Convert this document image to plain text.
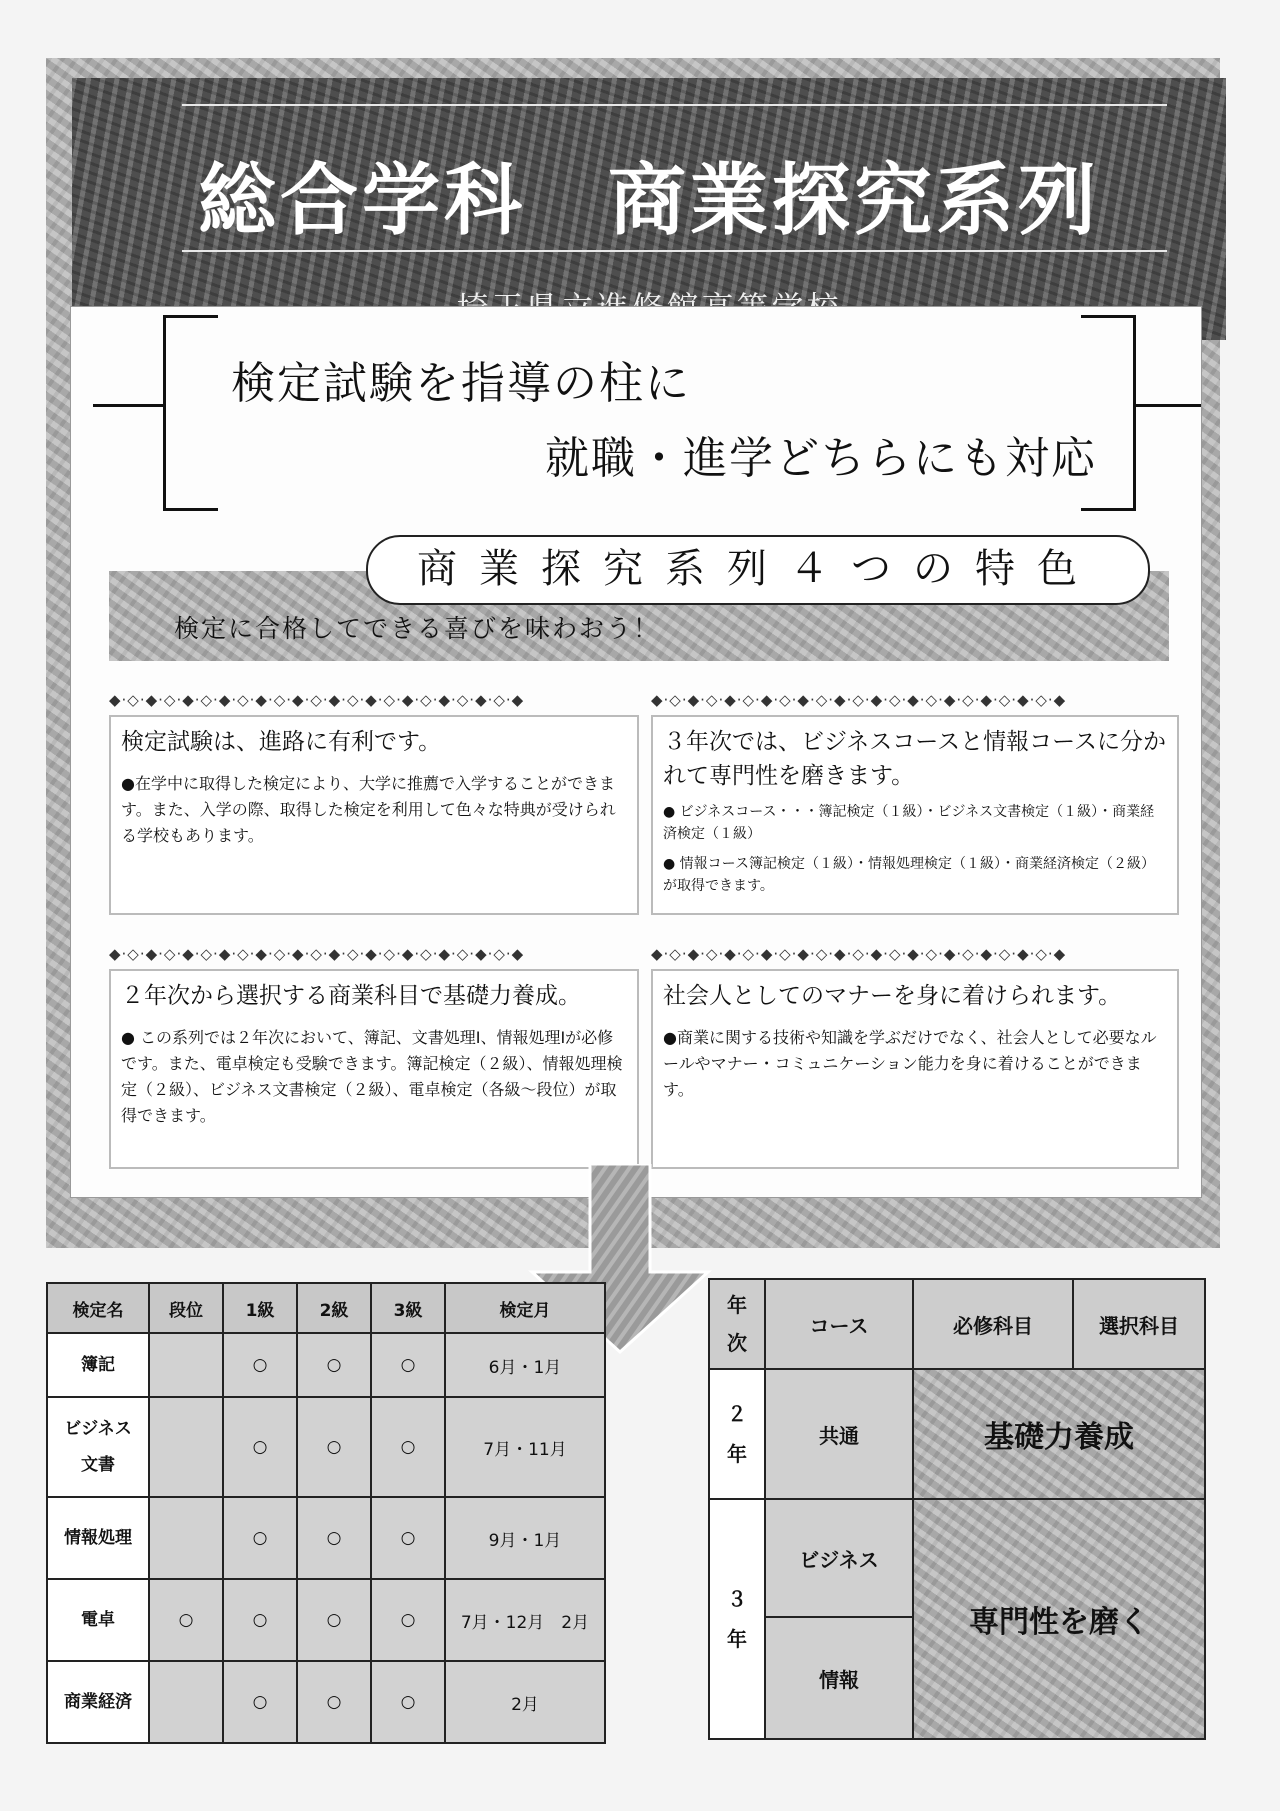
総合学科　商業探究系列
検定試験を指導の柱に
就職・進学どちらにも対応
検定に合格してできる喜びを味わおう！
商業探究系列４つの特色
◆·◇·◆·◇·◆·◇·◆·◇·◆·◇·◆·◇·◆·◇·◆·◇·◆·◇·◆·◇·◆·◇·◆
検定試験は、進路に有利です。
●在学中に取得した検定により、大学に推薦で入学することができます。また、入学の際、取得した検定を利用して色々な特典が受けられる学校もあります。
◆·◇·◆·◇·◆·◇·◆·◇·◆·◇·◆·◇·◆·◇·◆·◇·◆·◇·◆·◇·◆·◇·◆
３年次では、ビジネスコースと情報コースに分かれて専門性を磨きます。
● ビジネスコース・・・簿記検定（１級）・ビジネス文書検定（１級）・商業経済検定（１級）
● 情報コース簿記検定（１級）・情報処理検定（１級）・商業経済検定（２級）が取得できます。
◆·◇·◆·◇·◆·◇·◆·◇·◆·◇·◆·◇·◆·◇·◆·◇·◆·◇·◆·◇·◆·◇·◆
２年次から選択する商業科目で基礎力養成。
● この系列では２年次において、簿記、文書処理Ⅰ、情報処理Ⅰが必修です。また、電卓検定も受験できます。簿記検定（２級）、情報処理検定（２級）、ビジネス文書検定（２級）、電卓検定（各級～段位）が取得できます。
◆·◇·◆·◇·◆·◇·◆·◇·◆·◇·◆·◇·◆·◇·◆·◇·◆·◇·◆·◇·◆·◇·◆
社会人としてのマナーを身に着けられます。
●商業に関する技術や知識を学ぶだけでなく、社会人として必要なルールやマナー・コミュニケーション能力を身に着けることができます。
検定名	段位	1級	2級	3級	検定月
簿記		○	○	○	6月・1月
ビジネス
文書		○	○	○	7月・11月
情報処理		○	○	○	9月・1月
電卓	○	○	○	○	7月・12月　2月
商業経済		○	○	○	2月
年
次	コース	必修科目	選択科目
２
年	共通	基礎力養成	
３
年	ビジネス	専門性を磨く	
	情報		
